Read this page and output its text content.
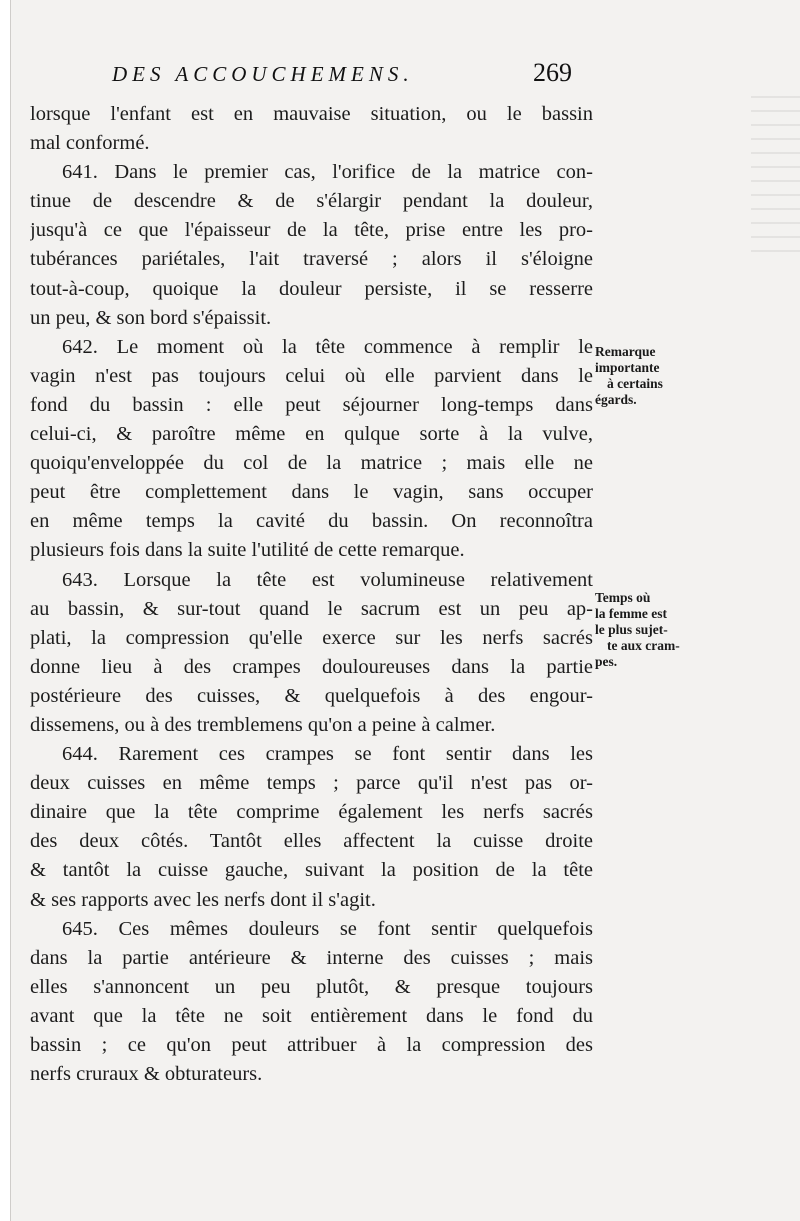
DES ACCOUCHEMENS.	269
lorsque l'enfant est en mauvaise situation, ou le bassin
mal conformé.
641. Dans le premier cas, l'orifice de la matrice con-
tinue de descendre & de s'élargir pendant la douleur,
jusqu'à ce que l'épaisseur de la tête, prise entre les pro-
tubérances pariétales, l'ait traversé ; alors il s'éloigne
tout-à-coup, quoique la douleur persiste, il se resserre
un peu, & son bord s'épaissit.
642. Le moment où la tête commence à remplir le
vagin n'est pas toujours celui où elle parvient dans le
fond du bassin : elle peut séjourner long-temps dans
celui-ci, & paroître même en qulque sorte à la vulve,
quoiqu'enveloppée du col de la matrice ; mais elle ne
peut être complettement dans le vagin, sans occuper
en même temps la cavité du bassin. On reconnoîtra
plusieurs fois dans la suite l'utilité de cette remarque.
643. Lorsque la tête est volumineuse relativement
au bassin, & sur-tout quand le sacrum est un peu ap-
plati, la compression qu'elle exerce sur les nerfs sacrés
donne lieu à des crampes douloureuses dans la partie
postérieure des cuisses, & quelquefois à des engour-
dissemens, ou à des tremblemens qu'on a peine à calmer.
644. Rarement ces crampes se font sentir dans les
deux cuisses en même temps ; parce qu'il n'est pas or-
dinaire que la tête comprime également les nerfs sacrés
des deux côtés. Tantôt elles affectent la cuisse droite
& tantôt la cuisse gauche, suivant la position de la tête
& ses rapports avec les nerfs dont il s'agit.
645. Ces mêmes douleurs se font sentir quelquefois
dans la partie antérieure & interne des cuisses ; mais
elles s'annoncent un peu plutôt, & presque toujours
avant que la tête ne soit entièrement dans le fond du
bassin ; ce qu'on peut attribuer à la compression des
nerfs cruraux & obturateurs.
Remarque
importante
à certains
égards.
Temps où
la femme est
le plus sujet-
te aux cram-
pes.
